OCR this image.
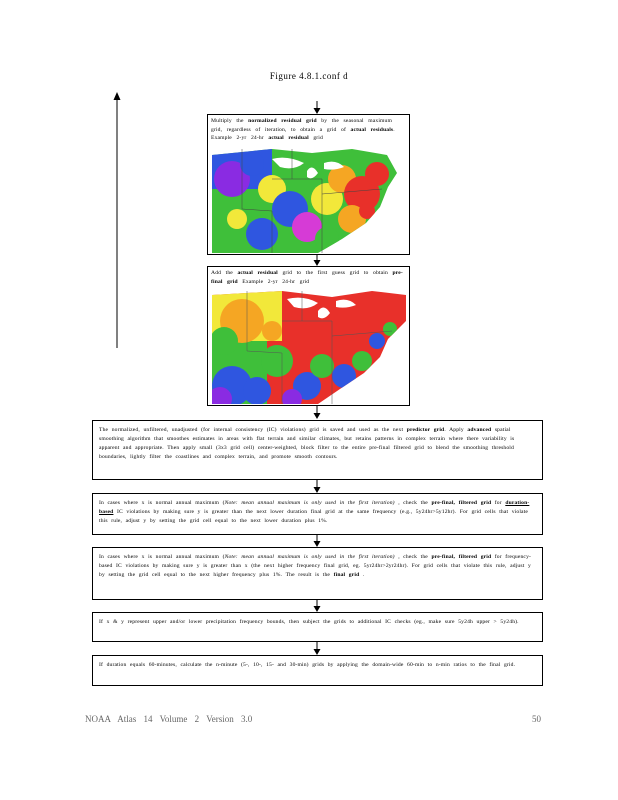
Figure 4.8.1.conf d
Multiply the normalized residual grid by the seasonal maximum grid, regardless of iteration, to obtain a grid of actual residuals. Example 2-yr 24-hr actual residual grid
Add the actual residual grid to the first guess grid to obtain pre-final grid Example 2-yr 24-hr grid
The normalized, unfiltered, unadjusted (for internal consistency (IC) violations) grid is saved and used as the next predictor grid. Apply advanced spatial smoothing algorithm that smoothes estimates in areas with flat terrain and similar climates, but retains patterns in complex terrain where there variability is apparent and appropriate. Then apply small (3x3 grid cell) center-weighted, block filter to the entire pre-final filtered grid to blend the smoothing threshold boundaries, lightly filter the coastlines and complex terrain, and promote smooth contours.
In cases where x is normal annual maximum (Note: mean annual maximum is only used in the first iteration) , check the pre-final, filtered grid for duration-based IC violations by making sure y is greater than the next lower duration final grid at the same frequency (e.g., 5y24hr>5y12hr). For grid cells that violate this rule, adjust y by setting the grid cell equal to the next lower duration plus 1%.
In cases where x is normal annual maximum (Note: mean annual maximum is only used in the first iteration) , check the pre-final, filtered grid for frequency-based IC violations by making sure y is greater than x (the next higher frequency final grid, eg. 5yr24hr>2yr24hr). For grid cells that violate this rule, adjust y by setting the grid cell equal to the next higher frequency plus 1%. The result is the final grid .
If x & y represent upper and/or lower precipitation frequency bounds, then subject the grids to additional IC checks (eg., make sure 5y24h upper > 5y24h).
If duration equals 60-minutes, calculate the n-minute (5-, 10-, 15- and 30-min) grids by applying the domain-wide 60-min to n-min ratios to the final grid.
NOAA Atlas 14 Volume 2 Version 3.0	50
